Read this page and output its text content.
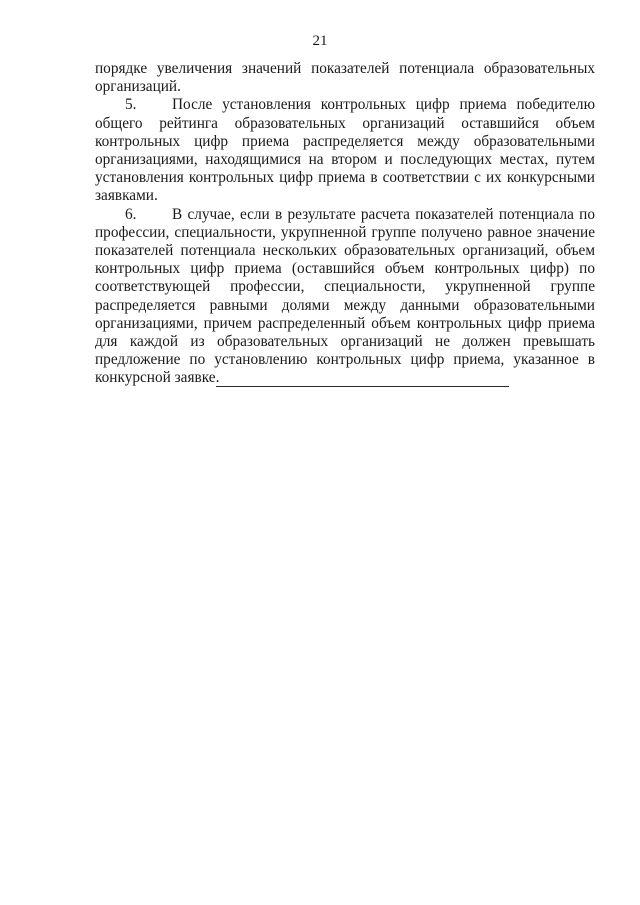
21

порядке увеличения значений показателей потенциала образовательных организаций.

5. После установления контрольных цифр приема победителю общего рейтинга образовательных организаций оставшийся объем контрольных цифр приема распределяется между образовательными организациями, находящимися на втором и последующих местах, путем установления контрольных цифр приема в соответствии с их конкурсными заявками.

6. В случае, если в результате расчета показателей потенциала по профессии, специальности, укрупненной группе получено равное значение показателей потенциала нескольких образовательных организаций, объем контрольных цифр приема (оставшийся объем контрольных цифр) по соответствующей профессии, специальности, укрупненной группе распределяется равными долями между данными образовательными организациями, причем распределенный объем контрольных цифр приема для каждой из образовательных организаций не должен превышать предложение по установлению контрольных цифр приема, указанное в конкурсной заявке.
